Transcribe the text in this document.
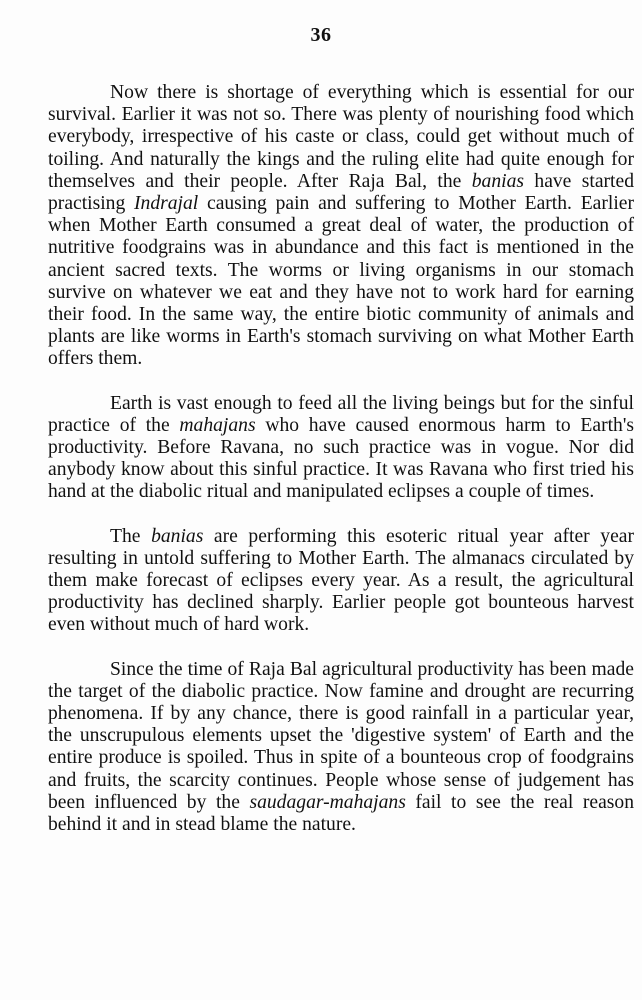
36

Now there is shortage of everything which is essential for our survival. Earlier it was not so. There was plenty of nourishing food which everybody, irrespective of his caste or class, could get without much of toiling. And naturally the kings and the ruling elite had quite enough for themselves and their people. After Raja Bal, the banias have started practising Indrajal causing pain and suffering to Mother Earth. Earlier when Mother Earth consumed a great deal of water, the production of nutritive foodgrains was in abundance and this fact is mentioned in the ancient sacred texts. The worms or living organisms in our stomach survive on whatever we eat and they have not to work hard for earning their food. In the same way, the entire biotic community of animals and plants are like worms in Earth's stomach surviving on what Mother Earth offers them.

Earth is vast enough to feed all the living beings but for the sinful practice of the mahajans who have caused enormous harm to Earth's productivity. Before Ravana, no such practice was in vogue. Nor did anybody know about this sinful practice. It was Ravana who first tried his hand at the diabolic ritual and manipulated eclipses a couple of times.

The banias are performing this esoteric ritual year after year resulting in untold suffering to Mother Earth. The almanacs circulated by them make forecast of eclipses every year. As a result, the agricultural productivity has declined sharply. Earlier people got bounteous harvest even without much of hard work.

Since the time of Raja Bal agricultural productivity has been made the target of the diabolic practice. Now famine and drought are recurring phenomena. If by any chance, there is good rainfall in a particular year, the unscrupulous elements upset the 'digestive system' of Earth and the entire produce is spoiled. Thus in spite of a bounteous crop of foodgrains and fruits, the scarcity continues. People whose sense of judgement has been influenced by the saudagar-mahajans fail to see the real reason behind it and in stead blame the nature.
